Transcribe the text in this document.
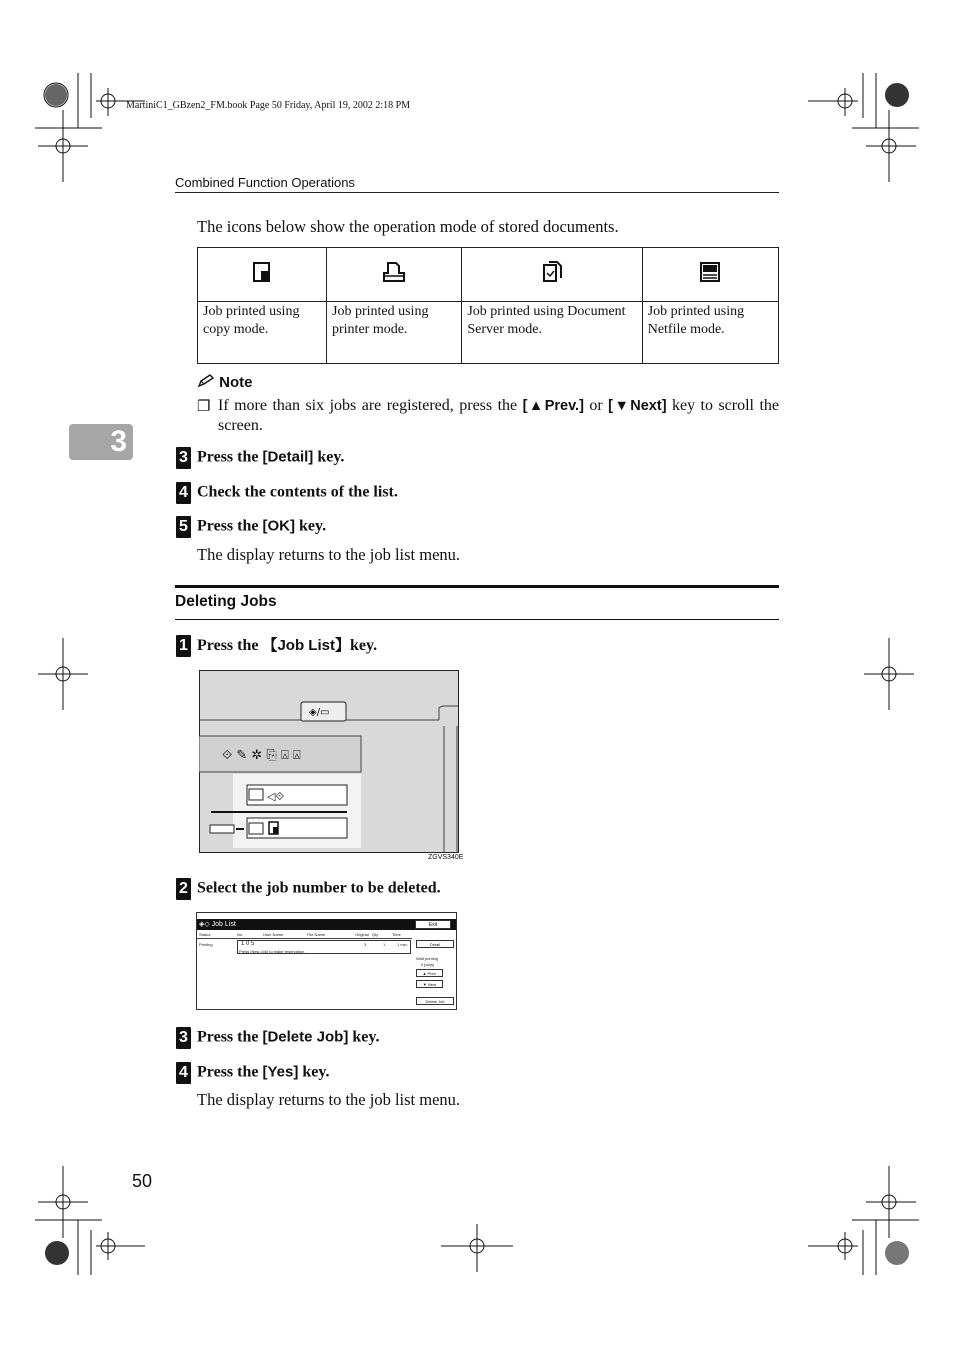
MartiniC1_GBzen2_FM.book Page 50 Friday, April 19, 2002 2:18 PM
Combined Function Operations
The icons below show the operation mode of stored documents.

Job printed using copy mode.	Job printed using printer mode.	Job printed using Document Server mode.	Job printed using Netfile mode.
Note
❐ If more than six jobs are registered, press the [▲Prev.] or [▼Next] key to scroll the screen.
3	3 Press the [Detail] key.
4 Check the contents of the list.
5 Press the [OK] key.
The display returns to the job list menu.
Deleting Jobs
1 Press the 【Job List】key.
◈/▭
⟐ ✎ ✲ ⎘ ⍓ ⍓
◁⟐
ZGVS340E
2 Select the job number to be deleted.
◈◇ Job List	Exit
Status	No.	User Name	File Name	Original Qty	Time
Printing	1 0 5	3	1	1 min.
Press [New Job] to make reservation
Detail
Wait printing
0 job(s)
▲ Prev.
▼ Next
Delete Job
3 Press the [Delete Job] key.
4 Press the [Yes] key.
The display returns to the job list menu.
50
